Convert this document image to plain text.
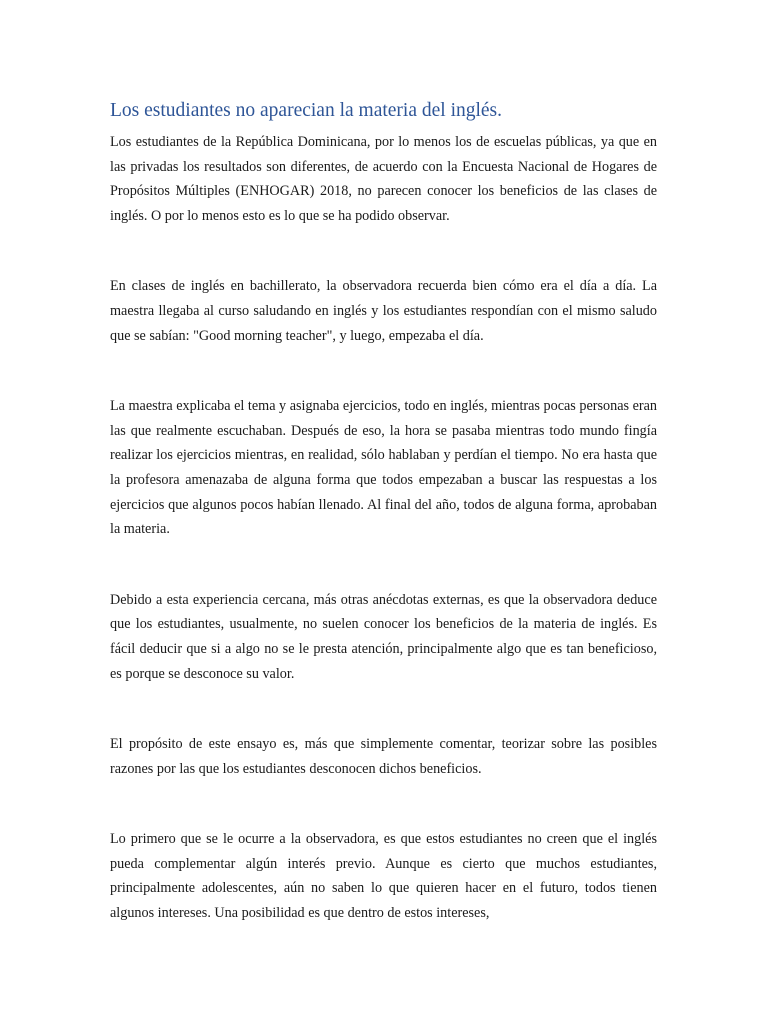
Los estudiantes no aparecian la materia del inglés.

Los estudiantes de la República Dominicana, por lo menos los de escuelas públicas, ya que en las privadas los resultados son diferentes, de acuerdo con la Encuesta Nacional de Hogares de Propósitos Múltiples (ENHOGAR) 2018, no parecen conocer los beneficios de las clases de inglés. O por lo menos esto es lo que se ha podido observar.

En clases de inglés en bachillerato, la observadora recuerda bien cómo era el día a día. La maestra llegaba al curso saludando en inglés y los estudiantes respondían con el mismo saludo que se sabían: "Good morning teacher", y luego, empezaba el día.

La maestra explicaba el tema y asignaba ejercicios, todo en inglés, mientras pocas personas eran las que realmente escuchaban. Después de eso, la hora se pasaba mientras todo mundo fingía realizar los ejercicios mientras, en realidad, sólo hablaban y perdían el tiempo. No era hasta que la profesora amenazaba de alguna forma que todos empezaban a buscar las respuestas a los ejercicios que algunos pocos habían llenado. Al final del año, todos de alguna forma, aprobaban la materia.

Debido a esta experiencia cercana, más otras anécdotas externas, es que la observadora deduce que los estudiantes, usualmente, no suelen conocer los beneficios de la materia de inglés. Es fácil deducir que si a algo no se le presta atención, principalmente algo que es tan beneficioso, es porque se desconoce su valor.

El propósito de este ensayo es, más que simplemente comentar, teorizar sobre las posibles razones por las que los estudiantes desconocen dichos beneficios.

Lo primero que se le ocurre a la observadora, es que estos estudiantes no creen que el inglés pueda complementar algún interés previo. Aunque es cierto que muchos estudiantes, principalmente adolescentes, aún no saben lo que quieren hacer en el futuro, todos tienen algunos intereses. Una posibilidad es que dentro de estos intereses,
